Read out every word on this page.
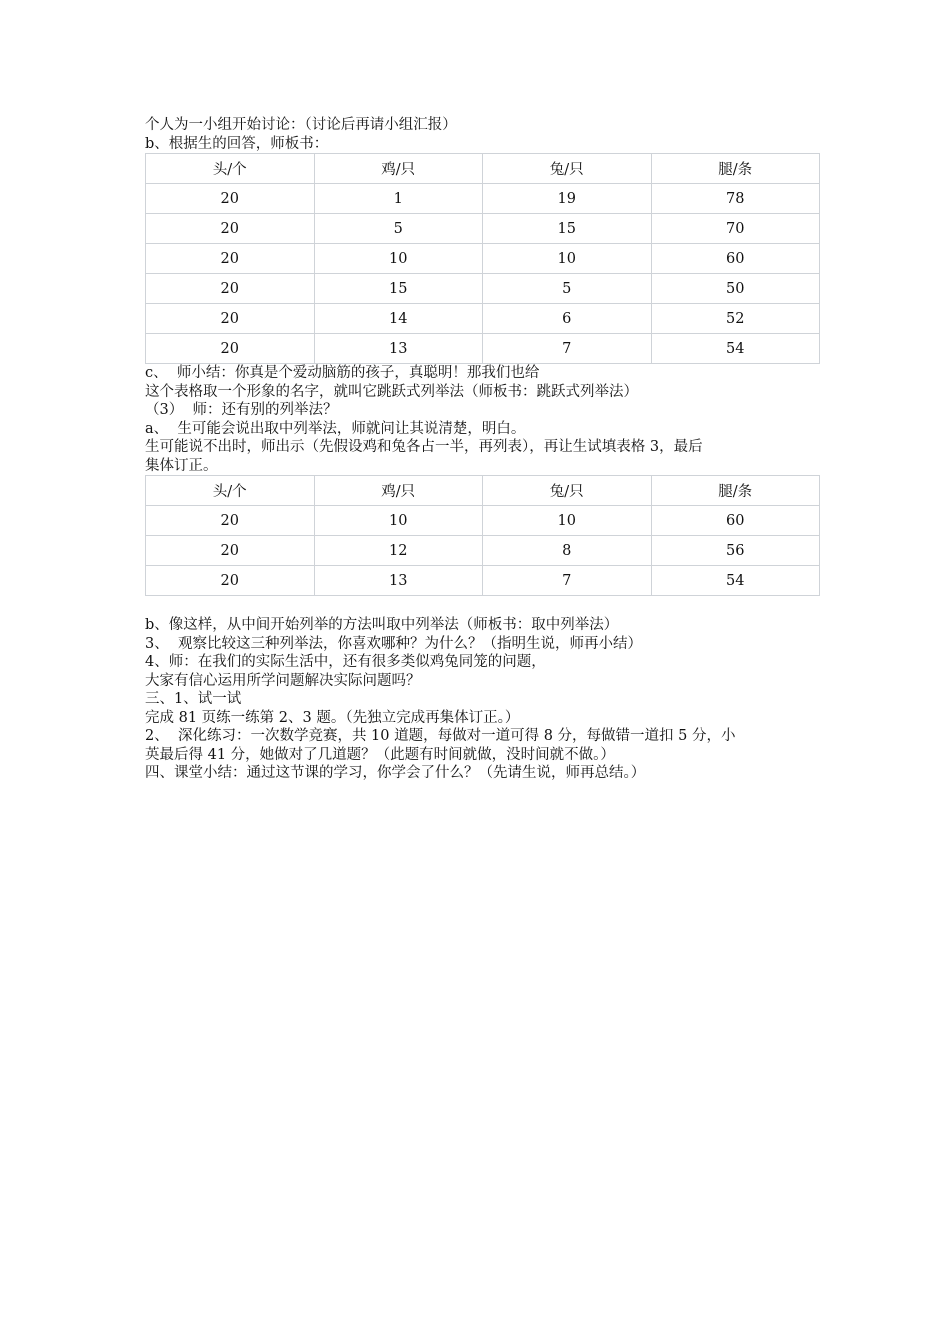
个人为一小组开始讨论：（讨论后再请小组汇报）

b、根据生的回答，师板书：

头/个	鸡/只	兔/只	腿/条
20	1	19	78
20	5	15	70
20	10	10	60
20	15	5	50
20	14	6	52
20	13	7	54

c、  师小结：你真是个爱动脑筋的孩子，真聪明！那我们也给

这个表格取一个形象的名字，就叫它跳跃式列举法（师板书：跳跃式列举法）

（3）  师：还有别的列举法？

a、  生可能会说出取中列举法，师就问让其说清楚，明白。

生可能说不出时，师出示（先假设鸡和兔各占一半，再列表），再让生试填表格 3，最后

集体订正。

头/个	鸡/只	兔/只	腿/条
20	10	10	60
20	12	8	56
20	13	7	54

b、像这样，从中间开始列举的方法叫取中列举法（师板书：取中列举法）

3、  观察比较这三种列举法，你喜欢哪种？为什么？（指明生说，师再小结）

4、师：在我们的实际生活中，还有很多类似鸡兔同笼的问题，

大家有信心运用所学问题解决实际问题吗？

三、1、试一试

完成 81 页练一练第 2、3 题。（先独立完成再集体订正。）

2、  深化练习：一次数学竞赛，共 10 道题，每做对一道可得 8 分，每做错一道扣 5 分，小

英最后得 41 分，她做对了几道题？（此题有时间就做，没时间就不做。）

四、课堂小结：通过这节课的学习，你学会了什么？（先请生说，师再总结。）
